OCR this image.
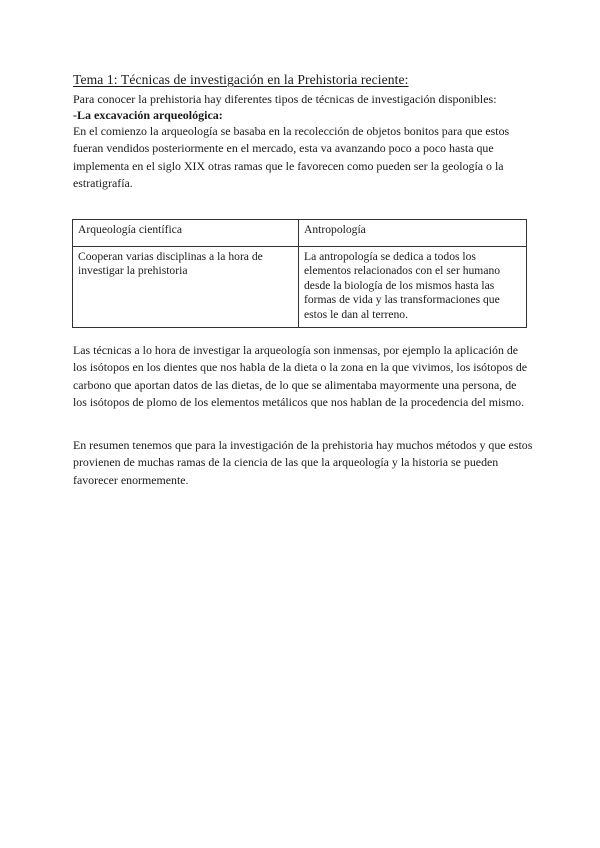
Tema 1: Técnicas de investigación en la Prehistoria reciente:
Para conocer la prehistoria hay diferentes tipos de técnicas de investigación disponibles:
-La excavación arqueológica:

En el comienzo la arqueología se basaba en la recolección de objetos bonitos para que estos fueran vendidos posteriormente en el mercado, esta va avanzando poco a poco hasta que implementa en el siglo XIX otras ramas que le favorecen como pueden ser la geología o la estratigrafía.

Arqueología científica	Antropología
Cooperan varias disciplinas a la hora de investigar la prehistoria	La antropología se dedica a todos los elementos relacionados con el ser humano desde la biología de los mismos hasta las formas de vida y las transformaciones que estos le dan al terreno.

Las técnicas a lo hora de investigar la arqueología son inmensas, por ejemplo la aplicación de los isótopos en los dientes que nos habla de la dieta o la zona en la que vivimos, los isótopos de carbono que aportan datos de las dietas, de lo que se alimentaba mayormente una persona, de los isótopos de plomo de los elementos metálicos que nos hablan de la procedencia del mismo.

En resumen tenemos que para la investigación de la prehistoria hay muchos métodos y que estos provienen de muchas ramas de la ciencia de las que la arqueología y la historia se pueden favorecer enormemente.
